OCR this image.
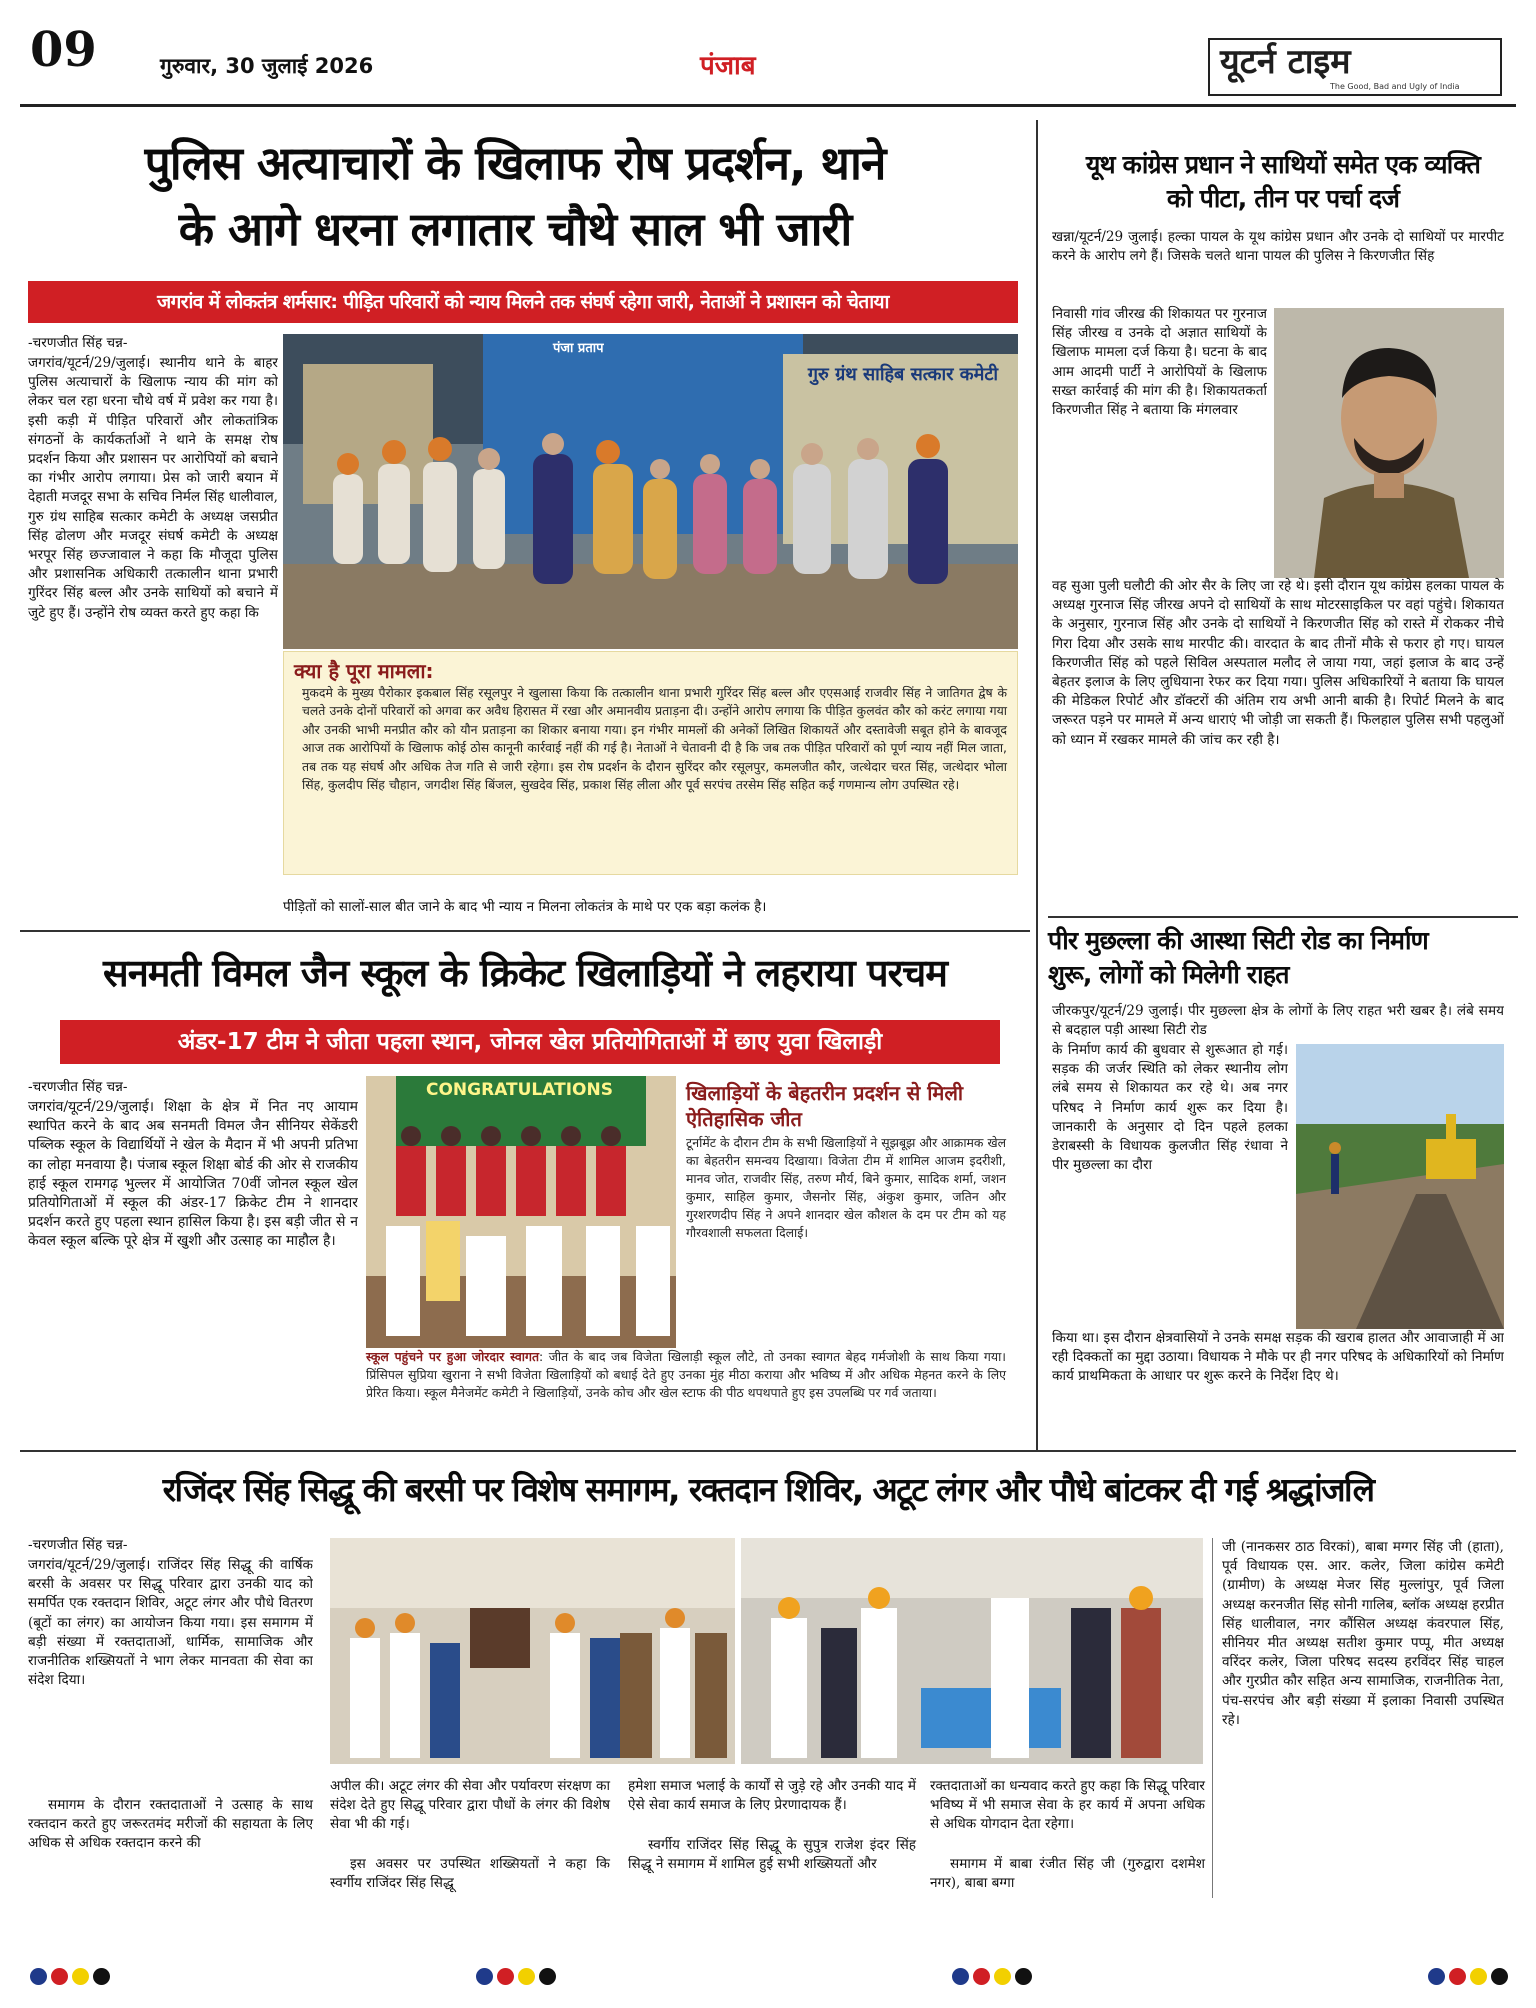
09	गुरुवार, 30 जुलाई 2026	पंजाब	यूटर्न टाइम
The Good, Bad and Ugly of India
पुलिस अत्याचारों के खिलाफ रोष प्रदर्शन, थाने
के आगे धरना लगातार चौथे साल भी जारी
जगरांव में लोकतंत्र शर्मसार: पीड़ित परिवारों को न्याय मिलने तक संघर्ष रहेगा जारी, नेताओं ने प्रशासन को चेताया
-चरणजीत सिंह चन्न-
जगरांव/यूटर्न/29/जुलाई। स्थानीय थाने के बाहर पुलिस अत्याचारों के खिलाफ न्याय की मांग को लेकर चल रहा धरना चौथे वर्ष में प्रवेश कर गया है। इसी कड़ी में पीड़ित परिवारों और लोकतांत्रिक संगठनों के कार्यकर्ताओं ने थाने के समक्ष रोष प्रदर्शन किया और प्रशासन पर आरोपियों को बचाने का गंभीर आरोप लगाया। प्रेस को जारी बयान में देहाती मजदूर सभा के सचिव निर्मल सिंह धालीवाल, गुरु ग्रंथ साहिब सत्कार कमेटी के अध्यक्ष जसप्रीत सिंह ढोलण और मजदूर संघर्ष कमेटी के अध्यक्ष भरपूर सिंह छज्जावाल ने कहा कि मौजूदा पुलिस और प्रशासनिक अधिकारी तत्कालीन थाना प्रभारी गुरिंदर सिंह बल्ल और उनके साथियों को बचाने में जुटे हुए हैं। उन्होंने रोष व्यक्त करते हुए कहा कि
पंजा प्रताप
गुरु ग्रंथ साहिब सत्कार कमेटी
क्या है पूरा मामला:
मुकदमे के मुख्य पैरोकार इकबाल सिंह रसूलपुर ने खुलासा किया कि तत्कालीन थाना प्रभारी गुरिंदर सिंह बल्ल और एएसआई राजवीर सिंह ने जातिगत द्वेष के चलते उनके दोनों परिवारों को अगवा कर अवैध हिरासत में रखा और अमानवीय प्रताड़ना दी। उन्होंने आरोप लगाया कि पीड़ित कुलवंत कौर को करंट लगाया गया और उनकी भाभी मनप्रीत कौर को यौन प्रताड़ना का शिकार बनाया गया। इन गंभीर मामलों की अनेकों लिखित शिकायतें और दस्तावेजी सबूत होने के बावजूद आज तक आरोपियों के खिलाफ कोई ठोस कानूनी कार्रवाई नहीं की गई है। नेताओं ने चेतावनी दी है कि जब तक पीड़ित परिवारों को पूर्ण न्याय नहीं मिल जाता, तब तक यह संघर्ष और अधिक तेज गति से जारी रहेगा। इस रोष प्रदर्शन के दौरान सुरिंदर कौर रसूलपुर, कमलजीत कौर, जत्थेदार चरत सिंह, जत्थेदार भोला सिंह, कुलदीप सिंह चौहान, जगदीश सिंह बिंजल, सुखदेव सिंह, प्रकाश सिंह लीला और पूर्व सरपंच तरसेम सिंह सहित कई गणमान्य लोग उपस्थित रहे।
पीड़ितों को सालों-साल बीत जाने के बाद भी न्याय न मिलना लोकतंत्र के माथे पर एक बड़ा कलंक है।
यूथ कांग्रेस प्रधान ने साथियों समेत एक व्यक्ति
को पीटा, तीन पर पर्चा दर्ज
खन्ना/यूटर्न/29 जुलाई। हल्का पायल के यूथ कांग्रेस प्रधान और उनके दो साथियों पर मारपीट करने के आरोप लगे हैं। जिसके चलते थाना पायल की पुलिस ने किरणजीत सिंह
निवासी गांव जीरख की शिकायत पर गुरनाज सिंह जीरख व उनके दो अज्ञात साथियों के खिलाफ मामला दर्ज किया है। घटना के बाद आम आदमी पार्टी ने आरोपियों के खिलाफ सख्त कार्रवाई की मांग की है। शिकायतकर्ता किरणजीत सिंह ने बताया कि मंगलवार
वह सुआ पुली घलौटी की ओर सैर के लिए जा रहे थे। इसी दौरान यूथ कांग्रेस हलका पायल के अध्यक्ष गुरनाज सिंह जीरख अपने दो साथियों के साथ मोटरसाइकिल पर वहां पहुंचे। शिकायत के अनुसार, गुरनाज सिंह और उनके दो साथियों ने किरणजीत सिंह को रास्ते में रोककर नीचे गिरा दिया और उसके साथ मारपीट की। वारदात के बाद तीनों मौके से फरार हो गए। घायल किरणजीत सिंह को पहले सिविल अस्पताल मलौद ले जाया गया, जहां इलाज के बाद उन्हें बेहतर इलाज के लिए लुधियाना रेफर कर दिया गया। पुलिस अधिकारियों ने बताया कि घायल की मेडिकल रिपोर्ट और डॉक्टरों की अंतिम राय अभी आनी बाकी है। रिपोर्ट मिलने के बाद जरूरत पड़ने पर मामले में अन्य धाराएं भी जोड़ी जा सकती हैं। फिलहाल पुलिस सभी पहलुओं को ध्यान में रखकर मामले की जांच कर रही है।
पीर मुछल्ला की आस्था सिटी रोड का निर्माण
शुरू, लोगों को मिलेगी राहत
जीरकपुर/यूटर्न/29 जुलाई। पीर मुछल्ला क्षेत्र के लोगों के लिए राहत भरी खबर है। लंबे समय से बदहाल पड़ी आस्था सिटी रोड
के निर्माण कार्य की बुधवार से शुरूआत हो गई। सड़क की जर्जर स्थिति को लेकर स्थानीय लोग लंबे समय से शिकायत कर रहे थे। अब नगर परिषद ने निर्माण कार्य शुरू कर दिया है। जानकारी के अनुसार दो दिन पहले हलका डेराबस्सी के विधायक कुलजीत सिंह रंधावा ने पीर मुछल्ला का दौरा
किया था। इस दौरान क्षेत्रवासियों ने उनके समक्ष सड़क की खराब हालत और आवाजाही में आ रही दिक्कतों का मुद्दा उठाया। विधायक ने मौके पर ही नगर परिषद के अधिकारियों को निर्माण कार्य प्राथमिकता के आधार पर शुरू करने के निर्देश दिए थे।
सनमती विमल जैन स्कूल के क्रिकेट खिलाड़ियों ने लहराया परचम
अंडर-17 टीम ने जीता पहला स्थान, जोनल खेल प्रतियोगिताओं में छाए युवा खिलाड़ी
-चरणजीत सिंह चन्न-
जगरांव/यूटर्न/29/जुलाई। शिक्षा के क्षेत्र में नित नए आयाम स्थापित करने के बाद अब सनमती विमल जैन सीनियर सेकेंडरी पब्लिक स्कूल के विद्यार्थियों ने खेल के मैदान में भी अपनी प्रतिभा का लोहा मनवाया है। पंजाब स्कूल शिक्षा बोर्ड की ओर से राजकीय हाई स्कूल रामगढ़ भुल्लर में आयोजित 70वीं जोनल स्कूल खेल प्रतियोगिताओं में स्कूल की अंडर-17 क्रिकेट टीम ने शानदार प्रदर्शन करते हुए पहला स्थान हासिल किया है। इस बड़ी जीत से न केवल स्कूल बल्कि पूरे क्षेत्र में खुशी और उत्साह का माहौल है।
CONGRATULATIONS	खिलाड़ियों के बेहतरीन प्रदर्शन से मिली ऐतिहासिक जीत
टूर्नामेंट के दौरान टीम के सभी खिलाड़ियों ने सूझबूझ और आक्रामक खेल का बेहतरीन समन्वय दिखाया। विजेता टीम में शामिल आजम इदरीशी, मानव जोत, राजवीर सिंह, तरुण मौर्य, बिने कुमार, सादिक शर्मा, जशन कुमार, साहिल कुमार, जैसनोर सिंह, अंकुश कुमार, जतिन और गुरशरणदीप सिंह ने अपने शानदार खेल कौशल के दम पर टीम को यह गौरवशाली सफलता दिलाई।
स्कूल पहुंचने पर हुआ जोरदार स्वागत: जीत के बाद जब विजेता खिलाड़ी स्कूल लौटे, तो उनका स्वागत बेहद गर्मजोशी के साथ किया गया। प्रिंसिपल सुप्रिया खुराना ने सभी विजेता खिलाड़ियों को बधाई देते हुए उनका मुंह मीठा कराया और भविष्य में और अधिक मेहनत करने के लिए प्रेरित किया। स्कूल मैनेजमेंट कमेटी ने खिलाड़ियों, उनके कोच और खेल स्टाफ की पीठ थपथपाते हुए इस उपलब्धि पर गर्व जताया।
रजिंदर सिंह सिद्धू की बरसी पर विशेष समागम, रक्तदान शिविर, अटूट लंगर और पौधे बांटकर दी गई श्रद्धांजलि
-चरणजीत सिंह चन्न-
जगरांव/यूटर्न/29/जुलाई। राजिंदर सिंह सिद्धू की वार्षिक बरसी के अवसर पर सिद्धू परिवार द्वारा उनकी याद को समर्पित एक रक्तदान शिविर, अटूट लंगर और पौधे वितरण (बूटों का लंगर) का आयोजन किया गया। इस समागम में बड़ी संख्या में रक्तदाताओं, धार्मिक, सामाजिक और राजनीतिक शख्सियतों ने भाग लेकर मानवता की सेवा का संदेश दिया।
समागम के दौरान रक्तदाताओं ने उत्साह के साथ रक्तदान करते हुए जरूरतमंद मरीजों की सहायता के लिए अधिक से अधिक रक्तदान करने की
अपील की। अटूट लंगर की सेवा और पर्यावरण संरक्षण का संदेश देते हुए सिद्धू परिवार द्वारा पौधों के लंगर की विशेष सेवा भी की गई।
इस अवसर पर उपस्थित शख्सियतों ने कहा कि स्वर्गीय राजिंदर सिंह सिद्धू
हमेशा समाज भलाई के कार्यों से जुड़े रहे और उनकी याद में ऐसे सेवा कार्य समाज के लिए प्रेरणादायक हैं।
स्वर्गीय राजिंदर सिंह सिद्धू के सुपुत्र राजेश इंदर सिंह सिद्धू ने समागम में शामिल हुई सभी शख्सियतों और
रक्तदाताओं का धन्यवाद करते हुए कहा कि सिद्धू परिवार भविष्य में भी समाज सेवा के हर कार्य में अपना अधिक से अधिक योगदान देता रहेगा।
समागम में बाबा रंजीत सिंह जी (गुरुद्वारा दशमेश नगर), बाबा बग्गा
जी (नानकसर ठाठ विरकां), बाबा मग्गर सिंह जी (हाता), पूर्व विधायक एस. आर. कलेर, जिला कांग्रेस कमेटी (ग्रामीण) के अध्यक्ष मेजर सिंह मुल्लांपुर, पूर्व जिला अध्यक्ष करनजीत सिंह सोनी गालिब, ब्लॉक अध्यक्ष हरप्रीत सिंह धालीवाल, नगर कौंसिल अध्यक्ष कंवरपाल सिंह, सीनियर मीत अध्यक्ष सतीश कुमार पप्पू, मीत अध्यक्ष वरिंदर कलेर, जिला परिषद सदस्य हरविंदर सिंह चाहल और गुरप्रीत कौर सहित अन्य सामाजिक, राजनीतिक नेता, पंच-सरपंच और बड़ी संख्या में इलाका निवासी उपस्थित रहे।
